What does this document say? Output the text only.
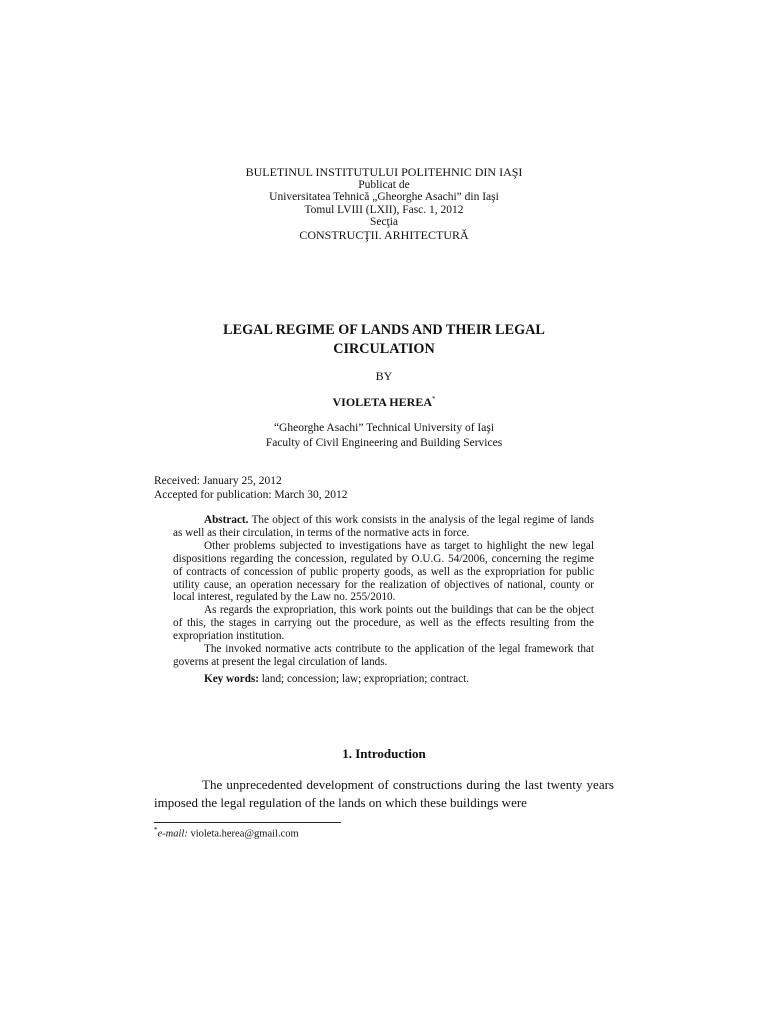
BULETINUL INSTITUTULUI POLITEHNIC DIN IAŞI
Publicat de
Universitatea Tehnică „Gheorghe Asachi” din Iaşi
Tomul LVIII (LXII), Fasc. 1, 2012
Secţia
CONSTRUCŢII. ARHITECTURĂ
LEGAL REGIME OF LANDS AND THEIR LEGAL
CIRCULATION
BY
VIOLETA HEREA*
“Gheorghe Asachi” Technical University of Iaşi
Faculty of Civil Engineering and Building Services
Received: January 25, 2012
Accepted for publication: March 30, 2012

Abstract. The object of this work consists in the analysis of the legal regime of lands as well as their circulation, in terms of the normative acts in force.

Other problems subjected to investigations have as target to highlight the new legal dispositions regarding the concession, regulated by O.U.G. 54/2006, concerning the regime of contracts of concession of public property goods, as well as the expropriation for public utility cause, an operation necessary for the realization of objectives of national, county or local interest, regulated by the Law no. 255/2010.

As regards the expropriation, this work points out the buildings that can be the object of this, the stages in carrying out the procedure, as well as the effects resulting from the expropriation institution.

The invoked normative acts contribute to the application of the legal framework that governs at present the legal circulation of lands.

Key words: land; concession; law; expropriation; contract.

1. Introduction

The unprecedented development of constructions during the last twenty years imposed the legal regulation of the lands on which these buildings were

*e-mail: violeta.herea@gmail.com
